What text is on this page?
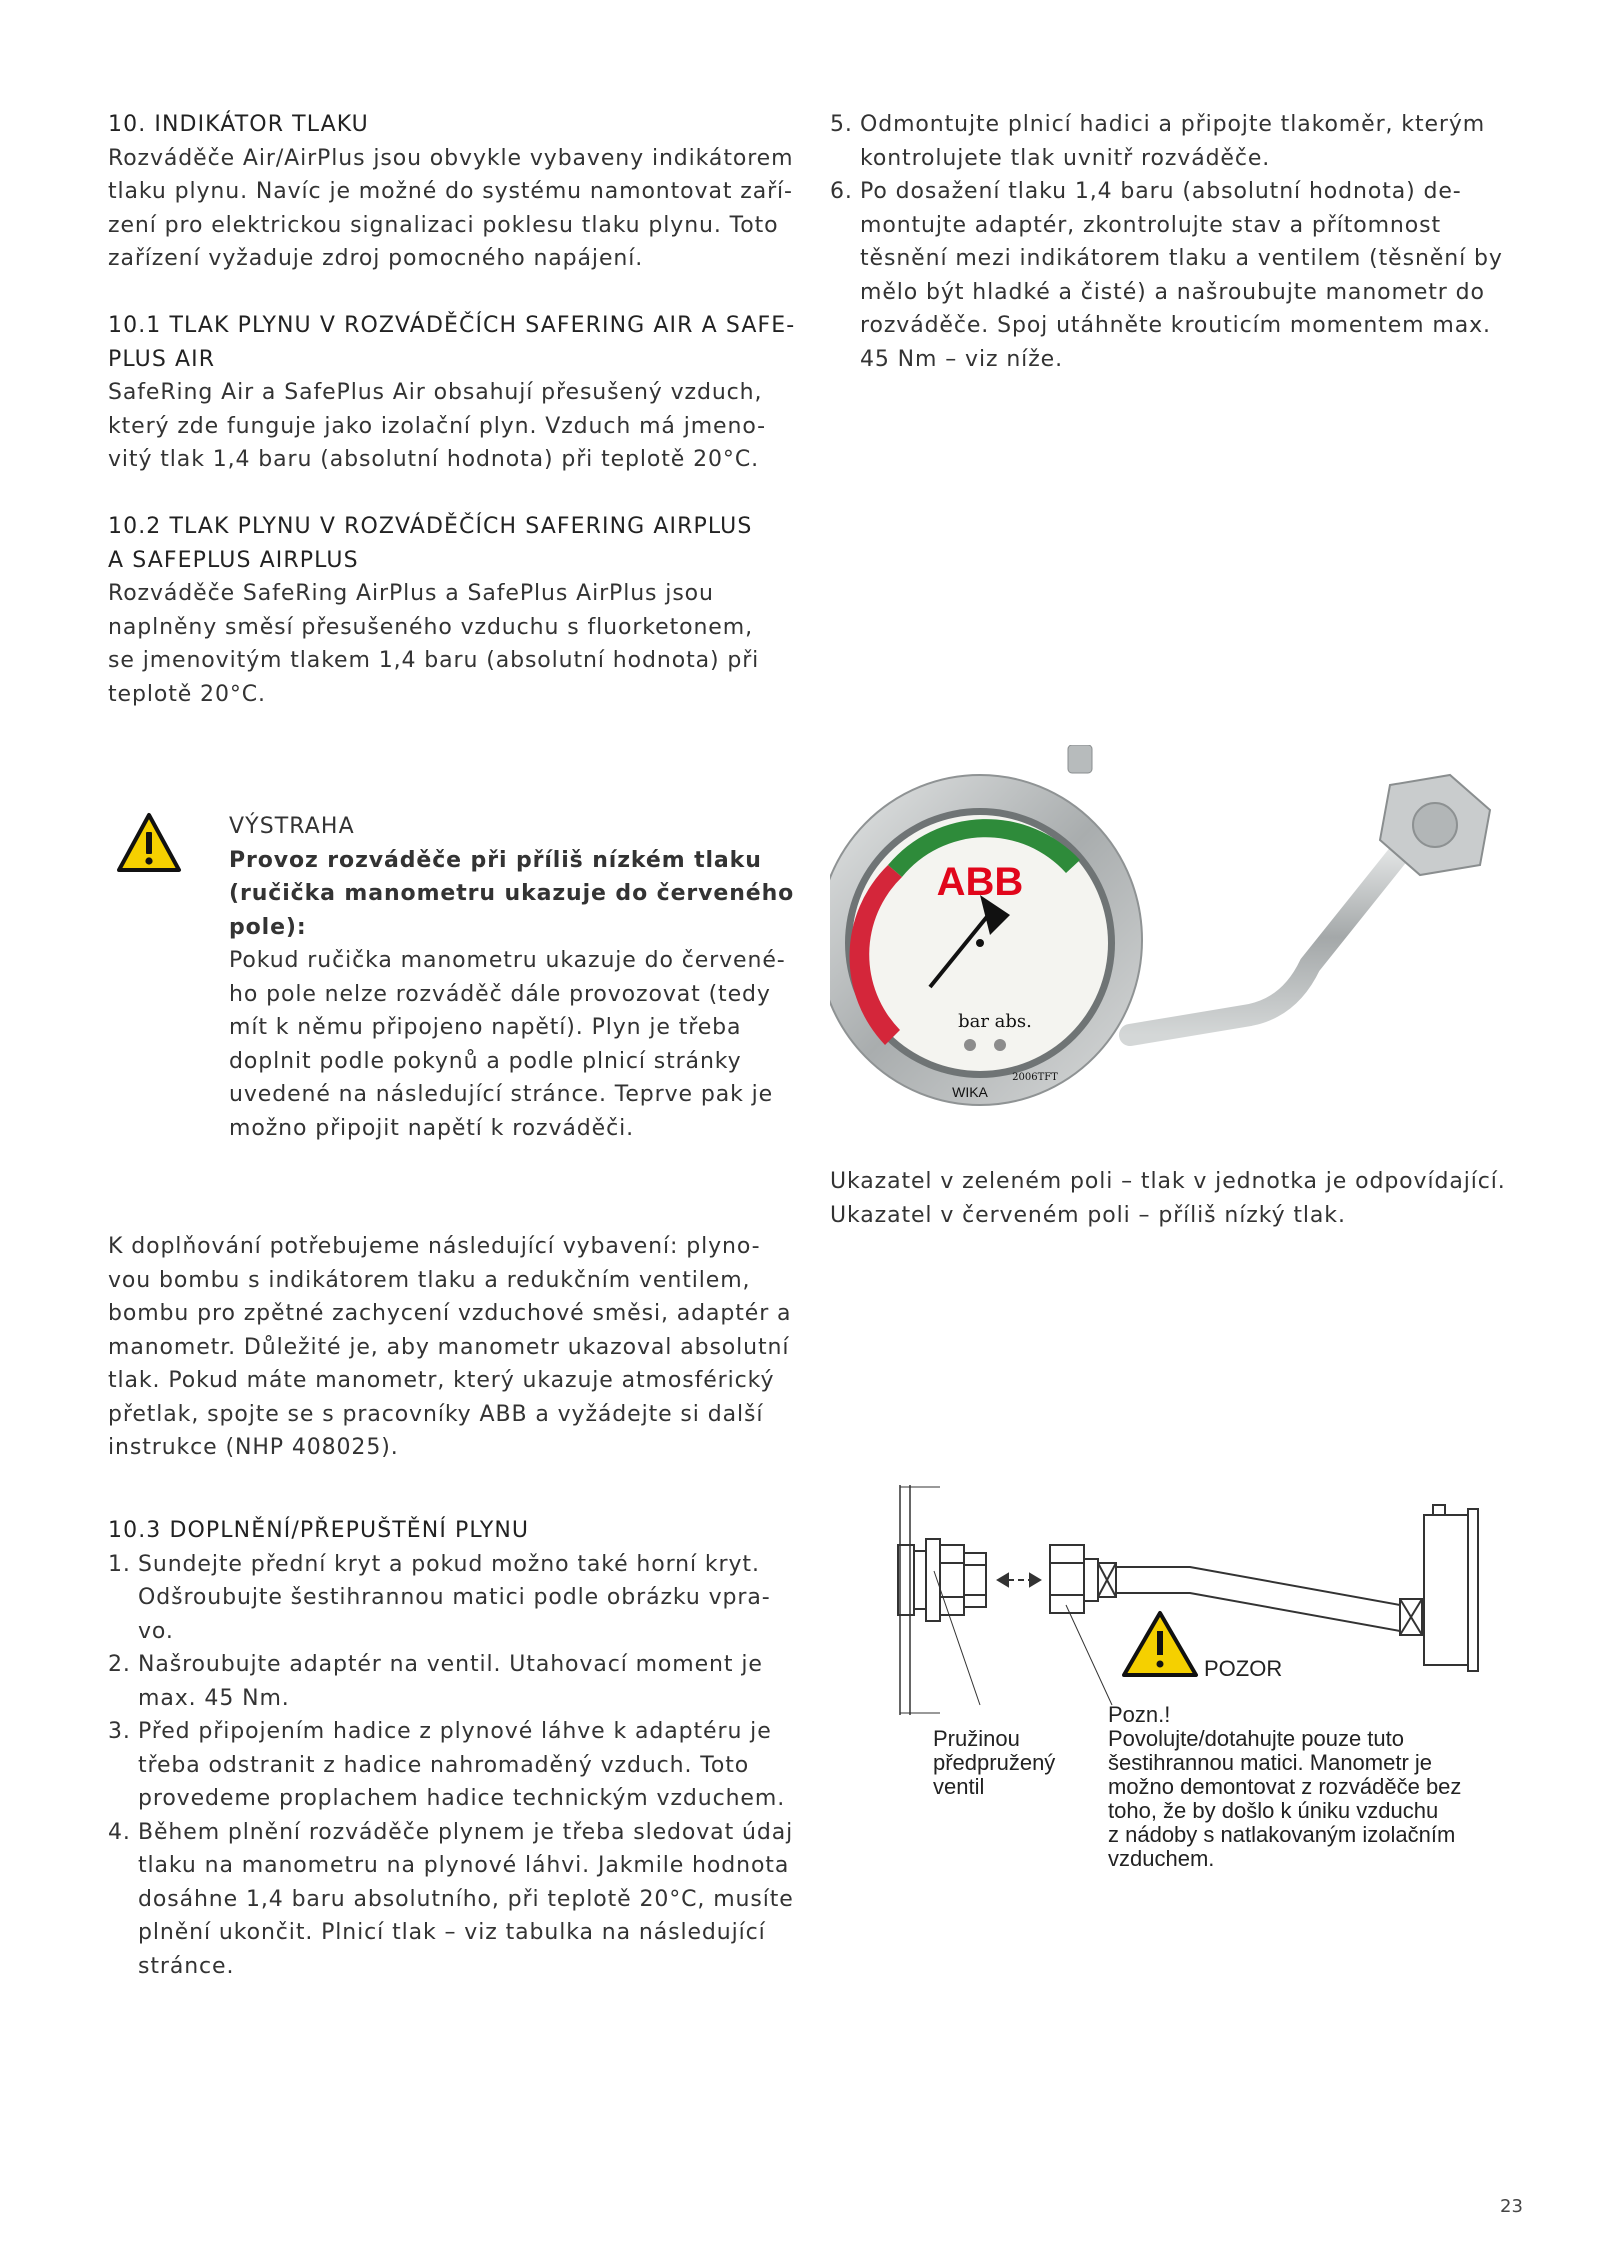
10. INDIKÁTOR TLAKU

Rozváděče Air/AirPlus jsou obvykle vybaveny indikátorem

tlaku plynu. Navíc je možné do systému namontovat zaří-

zení pro elektrickou signalizaci poklesu tlaku plynu. Toto

zařízení vyžaduje zdroj pomocného napájení.

10.1 TLAK PLYNU V ROZVÁDĚČÍCH SAFERING AIR A SAFE-
PLUS AIR

SafeRing Air a SafePlus Air obsahují přesušený vzduch,

který zde funguje jako izolační plyn. Vzduch má jmeno-

vitý tlak 1,4 baru (absolutní hodnota) při teplotě 20°C.

10.2 TLAK PLYNU V ROZVÁDĚČÍCH SAFERING AIRPLUS
A SAFEPLUS AIRPLUS

Rozváděče SafeRing AirPlus a SafePlus AirPlus jsou

naplněny směsí přesušeného vzduchu s fluorketonem,

se jmenovitým tlakem 1,4 baru (absolutní hodnota) při

teplotě 20°C.

VÝSTRAHA

Provoz rozváděče při příliš nízkém tlaku

(ručička manometru ukazuje do červeného

pole):

Pokud ručička manometru ukazuje do červené-

ho pole nelze rozváděč dále provozovat (tedy

mít k němu připojeno napětí). Plyn je třeba

doplnit podle pokynů a podle plnicí stránky

uvedené na následující stránce. Teprve pak je

možno připojit napětí k rozváděči.

K doplňování potřebujeme následující vybavení: plyno-

vou bombu s indikátorem tlaku a redukčním ventilem,

bombu pro zpětné zachycení vzduchové směsi, adaptér a

manometr. Důležité je, aby manometr ukazoval absolutní

tlak. Pokud máte manometr, který ukazuje atmosférický

přetlak, spojte se s pracovníky ABB a vyžádejte si další

instrukce (NHP 408025).

10.3 DOPLNĚNÍ/PŘEPUŠTĚNÍ PLYNU
1. Sundejte přední kryt a pokud možno také horní kryt.
Odšroubujte šestihrannou matici podle obrázku vpra-
vo.
2. Našroubujte adaptér na ventil. Utahovací moment je
max. 45 Nm.
3. Před připojením hadice z plynové láhve k adaptéru je
třeba odstranit z hadice nahromaděný vzduch. Toto
provedeme proplachem hadice technickým vzduchem.
4. Během plnění rozváděče plynem je třeba sledovat údaj
tlaku na manometru na plynové láhvi. Jakmile hodnota
dosáhne 1,4 baru absolutního, při teplotě 20°C, musíte
plnění ukončit. Plnicí tlak – viz tabulka na následující
stránce.
5. Odmontujte plnicí hadici a připojte tlakoměr, kterým
kontrolujete tlak uvnitř rozváděče.
6. Po dosažení tlaku 1,4 baru (absolutní hodnota) de-
montujte adaptér, zkontrolujte stav a přítomnost
těsnění mezi indikátorem tlaku a ventilem (těsnění by
mělo být hladké a čisté) a našroubujte manometr do
rozváděče. Spoj utáhněte krouticím momentem max.
45 Nm – viz níže.
ABB
bar abs.
WIKA
2006TFT
Ukazatel v zeleném poli – tlak v jednotka je odpovídající.
Ukazatel v červeném poli – příliš nízký tlak.
POZOR
Pružinou
předpružený
ventil
Pozn.!
Povolujte/dotahujte pouze tuto
šestihrannou matici. Manometr je
možno demontovat z rozváděče bez
toho, že by došlo k úniku vzduchu
z nádoby s natlakovaným izolačním
vzduchem.
23
